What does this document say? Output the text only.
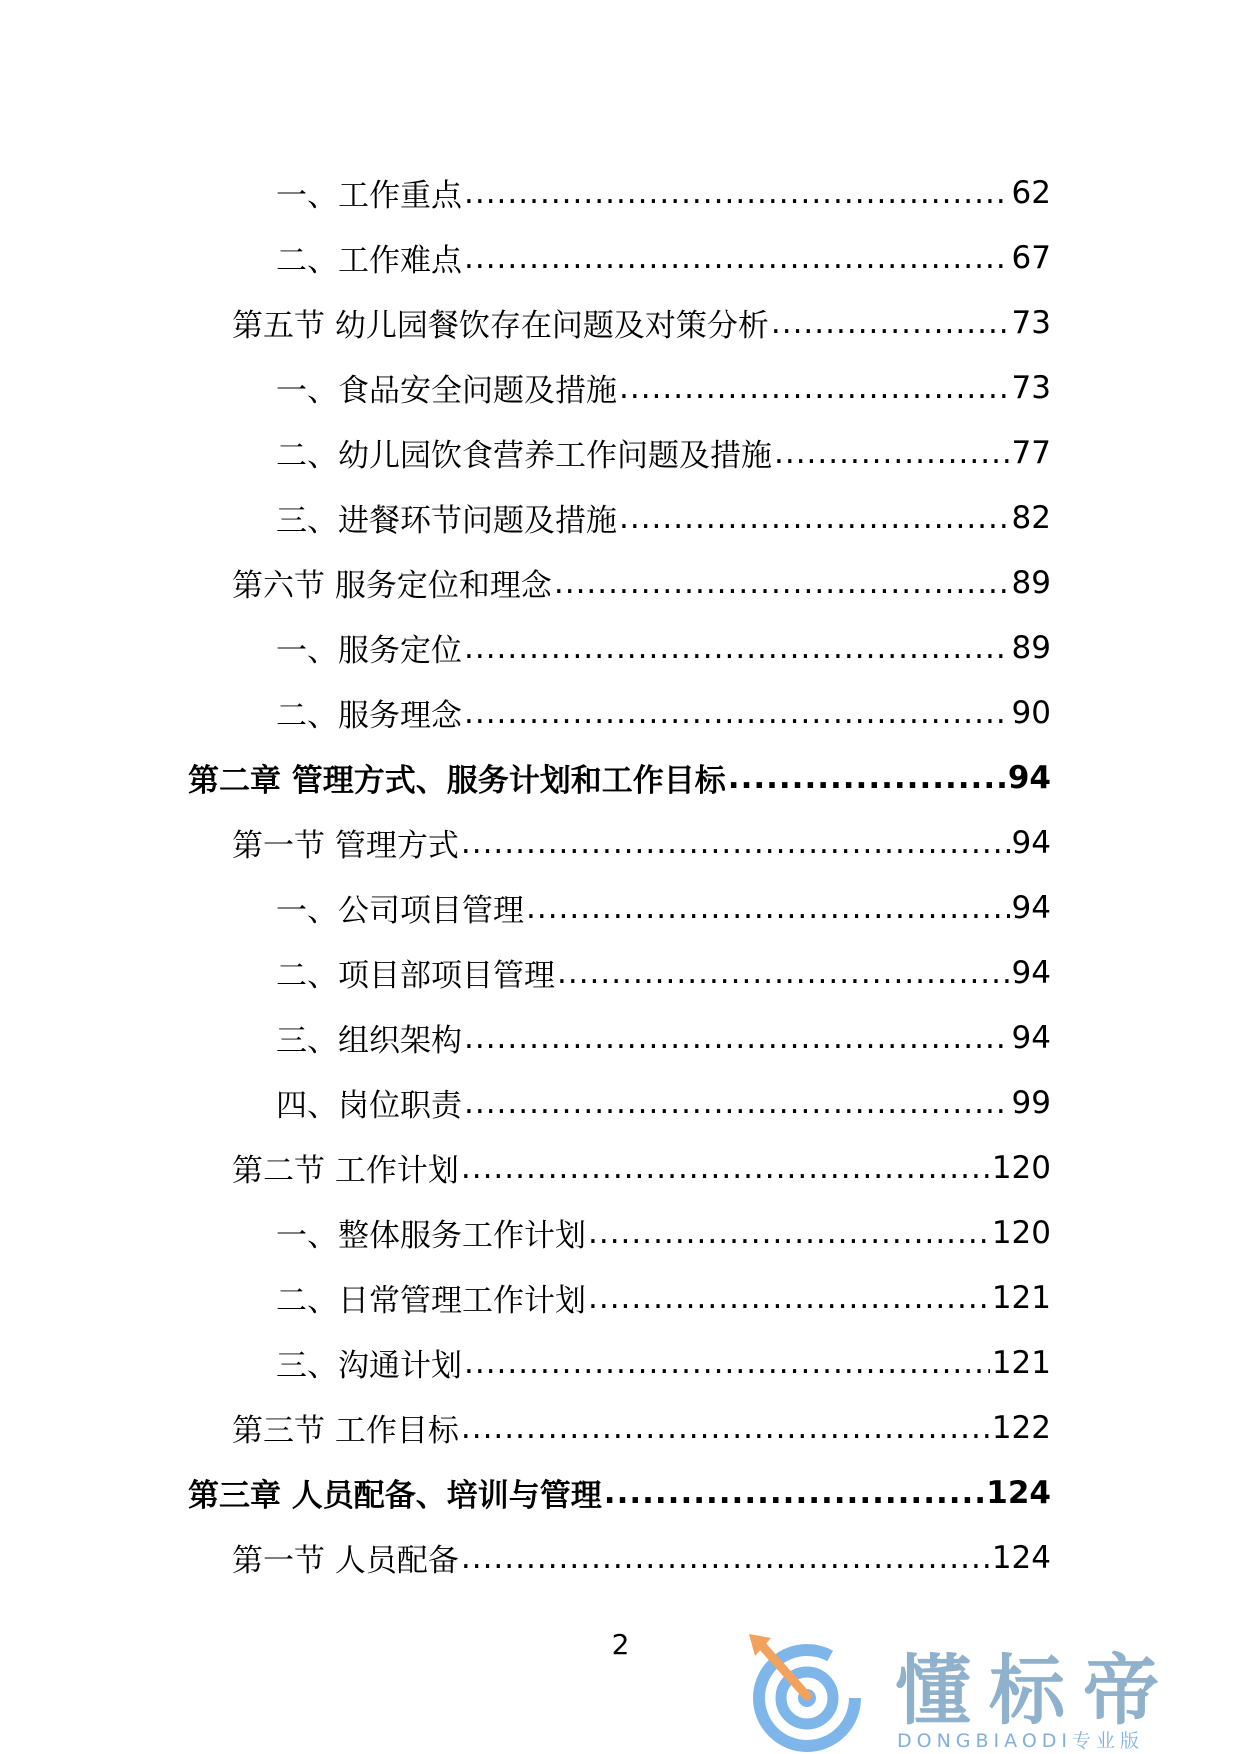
一、工作重点 .....	62
二、工作难点 .....	67
第五节 幼儿园餐饮存在问题及对策分析 .....	73
一、食品安全问题及措施 .....	73
二、幼儿园饮食营养工作问题及措施 .....	77
三、进餐环节问题及措施 .....	82
第六节 服务定位和理念 .....	89
一、服务定位 .....	89
二、服务理念 .....	90
第二章 管理方式、服务计划和工作目标 .....	94
第一节 管理方式 .....	94
一、公司项目管理 .....	94
二、项目部项目管理 .....	94
三、组织架构 .....	94
四、岗位职责 .....	99
第二节 工作计划 .....	120
一、整体服务工作计划 .....	120
二、日常管理工作计划 .....	121
三、沟通计划 .....	121
第三节 工作目标 .....	122
第三章 人员配备、培训与管理 .....	124
第一节 人员配备 .....	124
2
懂标帝
DONGBIAODI专业版
